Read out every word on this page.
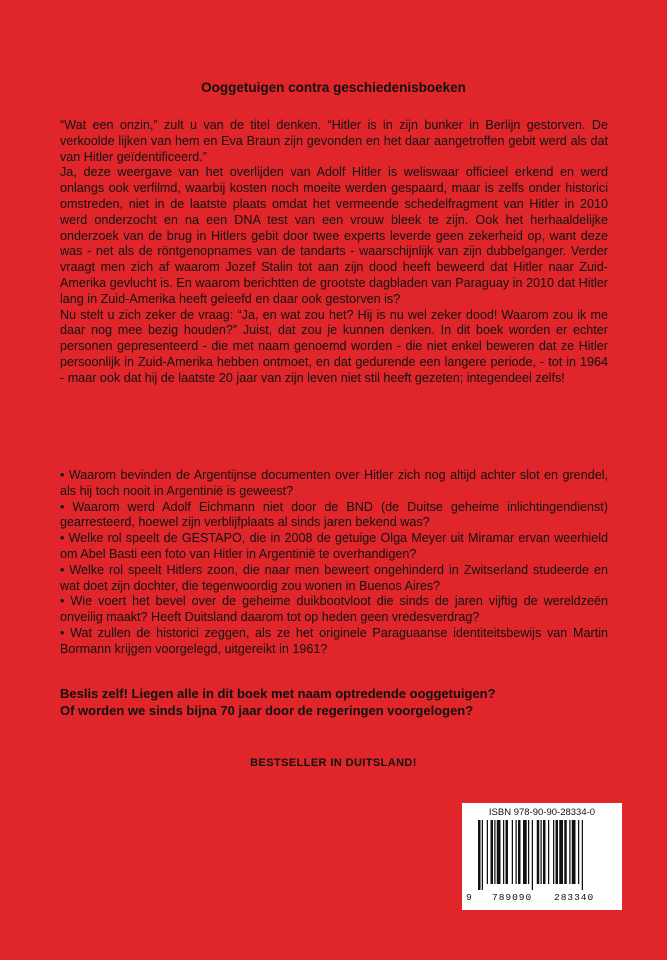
Ooggetuigen contra geschiedenisboeken

“Wat een onzin,” zult u van de titel denken. “Hitler is in zijn bunker in Berlijn gestorven. De verkoolde lijken van hem en Eva Braun zijn gevonden en het daar aangetroffen gebit werd als dat van Hitler geïdentificeerd.”

Ja, deze weergave van het overlijden van Adolf Hitler is weliswaar officieel erkend en werd onlangs ook verfilmd, waarbij kosten noch moeite werden gespaard, maar is zelfs onder historici omstreden, niet in de laatste plaats omdat het vermeende schedelfragment van Hitler in 2010 werd onderzocht en na een DNA test van een vrouw bleek te zijn. Ook het herhaaldelijke onderzoek van de brug in Hitlers gebit door twee experts leverde geen zekerheid op, want deze was - net als de röntgenopnames van de tandarts - waarschijnlijk van zijn dubbelganger. Verder vraagt men zich af waarom Jozef Stalin tot aan zijn dood heeft beweerd dat Hitler naar Zuid-Amerika gevlucht is. En waarom berichtten de grootste dagbladen van Paraguay in 2010 dat Hitler lang in Zuid-Amerika heeft geleefd en daar ook gestorven is?

Nu stelt u zich zeker de vraag: “Ja, en wat zou het? Hij is nu wel zeker dood! Waarom zou ik me daar nog mee bezig houden?” Juist, dat zou je kunnen denken. In dit boek worden er echter personen gepresenteerd - die met naam genoemd worden - die niet enkel beweren dat ze Hitler persoonlijk in Zuid-Amerika hebben ontmoet, en dat gedurende een langere periode, - tot in 1964 - maar ook dat hij de laatste 20 jaar van zijn leven niet stil heeft gezeten; integendeel zelfs!

• Waarom bevinden de Argentijnse documenten over Hitler zich nog altijd achter slot en grendel, als hij toch nooit in Argentinië is geweest?
• Waarom werd Adolf Eichmann niet door de BND (de Duitse geheime inlichtingendienst) gearresteerd, hoewel zijn verblijfplaats al sinds jaren bekend was?
• Welke rol speelt de GESTAPO, die in 2008 de getuige Olga Meyer uit Miramar ervan weerhield om Abel Basti een foto van Hitler in Argentinië te overhandigen?
• Welke rol speelt Hitlers zoon, die naar men beweert ongehinderd in Zwitserland studeerde en wat doet zijn dochter, die tegenwoordig zou wonen in Buenos Aires?
• Wie voert het bevel over de geheime duikbootvloot die sinds de jaren vijftig de wereldzeën onveilig maakt? Heeft Duitsland daarom tot op heden geen vredesverdrag?
• Wat zullen de historici zeggen, als ze het originele Paraguaanse identiteitsbewijs van Martin Bormann krijgen voorgelegd, uitgereikt in 1961?
Beslis zelf! Liegen alle in dit boek met naam optredende ooggetuigen?
Of worden we sinds bijna 70 jaar door de regeringen voorgelogen?
BESTSELLER IN DUITSLAND!
ISBN 978-90-90-28334-0
9 789090 283340
